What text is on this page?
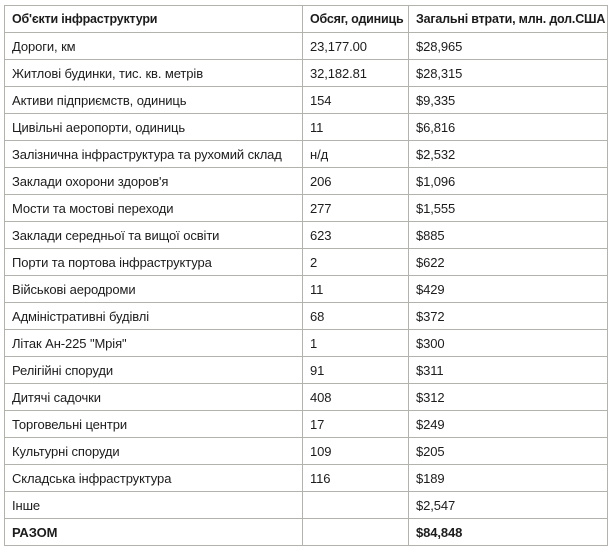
Об'єкти інфраструктури	Обсяг, одиниць	Загальні втрати, млн. дол.США
Дороги, км	23,177.00	$28,965
Житлові будинки, тис. кв. метрів	32,182.81	$28,315
Активи підприємств, одиниць	154	$9,335
Цивільні аеропорти, одиниць	11	$6,816
Залізнична інфраструктура та рухомий склад	н/д	$2,532
Заклади охорони здоров'я	206	$1,096
Мости та мостові переходи	277	$1,555
Заклади середньої та вищої освіти	623	$885
Порти та портова інфраструктура	2	$622
Військові аеродроми	11	$429
Адміністративні будівлі	68	$372
Літак Ан-225 "Мрія"	1	$300
Релігійні споруди	91	$311
Дитячі садочки	408	$312
Торговельні центри	17	$249
Культурні споруди	109	$205
Складська інфраструктура	116	$189
Інше		$2,547
РАЗОМ		$84,848
